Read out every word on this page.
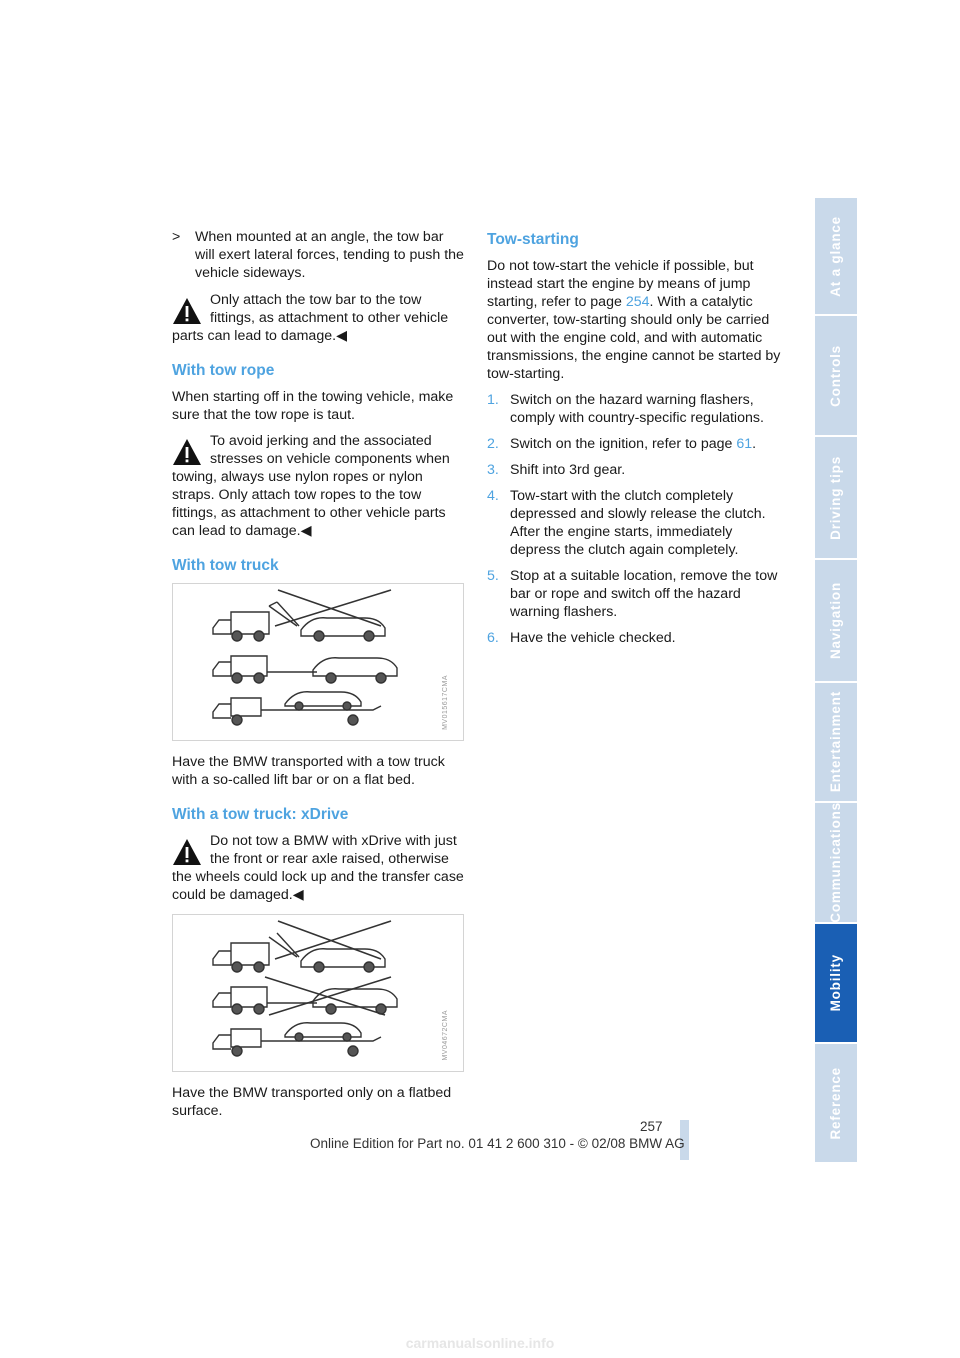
> When mounted at an angle, the tow bar will exert lateral forces, tending to push the vehicle sideways.
Only attach the tow bar to the tow fittings, as attachment to other vehicle parts can lead to damage.◀
With tow rope

When starting off in the towing vehicle, make sure that the tow rope is taut.

To avoid jerking and the associated stresses on vehicle components when towing, always use nylon ropes or nylon straps. Only attach tow ropes to the tow fittings, as attachment to other vehicle parts can lead to damage.◀
With tow truck
MV015617CMA

Have the BMW transported with a tow truck with a so-called lift bar or on a flat bed.

With a tow truck: xDrive
Do not tow a BMW with xDrive with just the front or rear axle raised, otherwise the wheels could lock up and the transfer case could be damaged.◀
MV04672CMA

Have the BMW transported only on a flatbed surface.

Tow-starting

Do not tow-start the vehicle if possible, but instead start the engine by means of jump starting, refer to page 254. With a catalytic converter, tow-starting should only be carried out with the engine cold, and with automatic transmissions, the engine cannot be started by tow-starting.

1. Switch on the hazard warning flashers, comply with country-specific regulations.
2. Switch on the ignition, refer to page 61.
3. Shift into 3rd gear.
4. Tow-start with the clutch completely depressed and slowly release the clutch. After the engine starts, immediately depress the clutch again completely.
5. Stop at a suitable location, remove the tow bar or rope and switch off the hazard warning flashers.
6. Have the vehicle checked.
At a glance
Controls
Driving tips
Navigation
Entertainment
Communications
Mobility
Reference
257
Online Edition for Part no. 01 41 2 600 310 - © 02/08 BMW AG
carmanualsonline.info
